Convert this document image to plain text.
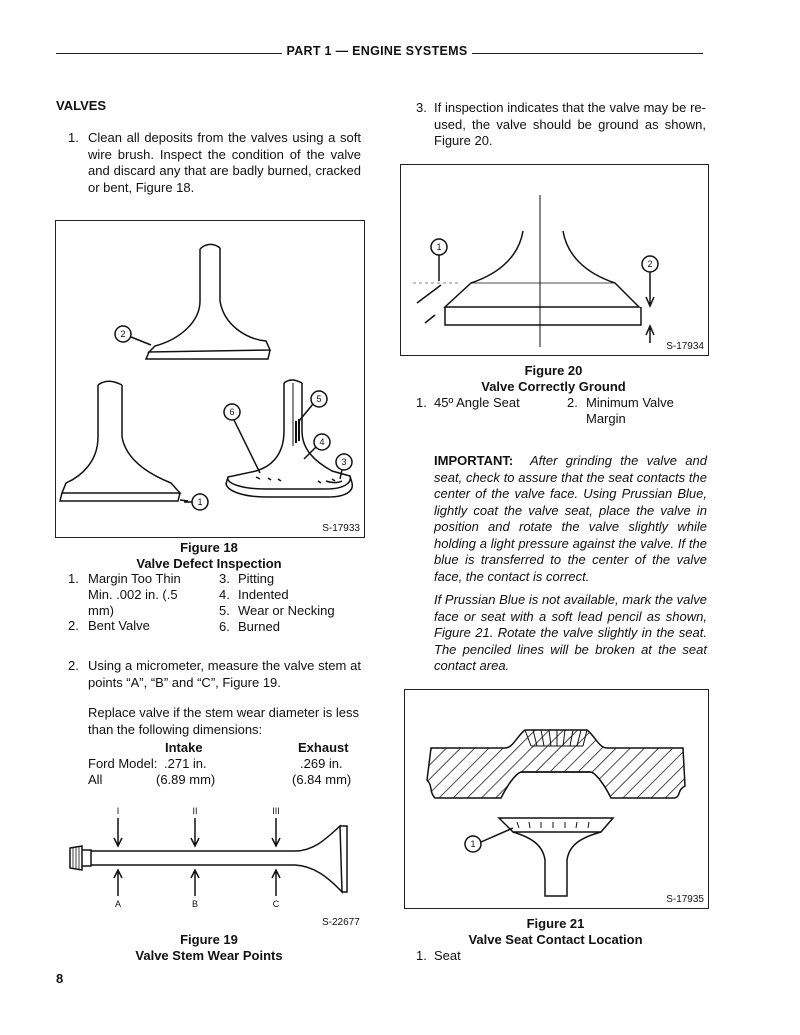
PART 1 — ENGINE SYSTEMS
VALVES
1. Clean all deposits from the valves using a soft wire brush. Inspect the condition of the valve and discard any that are badly burned, cracked or bent, Figure 18.
2
1
3
4
5
6
S-17933
Figure 18
Valve Defect Inspection
1. Margin Too Thin Min. .002 in. (.5 mm)
2. Bent Valve
3. Pitting
4. Indented
5. Wear or Necking
6. Burned
2. Using a micrometer, measure the valve stem at points “A”, “B” and “C”, Figure 19.
Replace valve if the stem wear diameter is less than the following dimensions:
Intake	Exhaust
Ford Model: .271 in.	.269 in.
All	(6.89 mm)	(6.84 mm)
I	II	III
A	B	C
S-22677
Figure 19
Valve Stem Wear Points
8
3. If inspection indicates that the valve may be re-used, the valve should be ground as shown, Figure 20.
1
2
S-17934
Figure 20
Valve Correctly Ground
1. 45º Angle Seat	2. Minimum Valve Margin
IMPORTANT:	After grinding the valve and seat, check to assure that the seat contacts the center of the valve face. Using Prussian Blue, lightly coat the valve seat, place the valve in position and rotate the valve slightly while holding a light pressure against the valve. If the blue is transferred to the center of the valve face, the contact is correct.
If Prussian Blue is not available, mark the valve face or seat with a soft lead pencil as shown, Figure 21. Rotate the valve slightly in the seat. The penciled lines will be broken at the seat contact area.
1
S-17935
Figure 21
Valve Seat Contact Location
1. Seat
